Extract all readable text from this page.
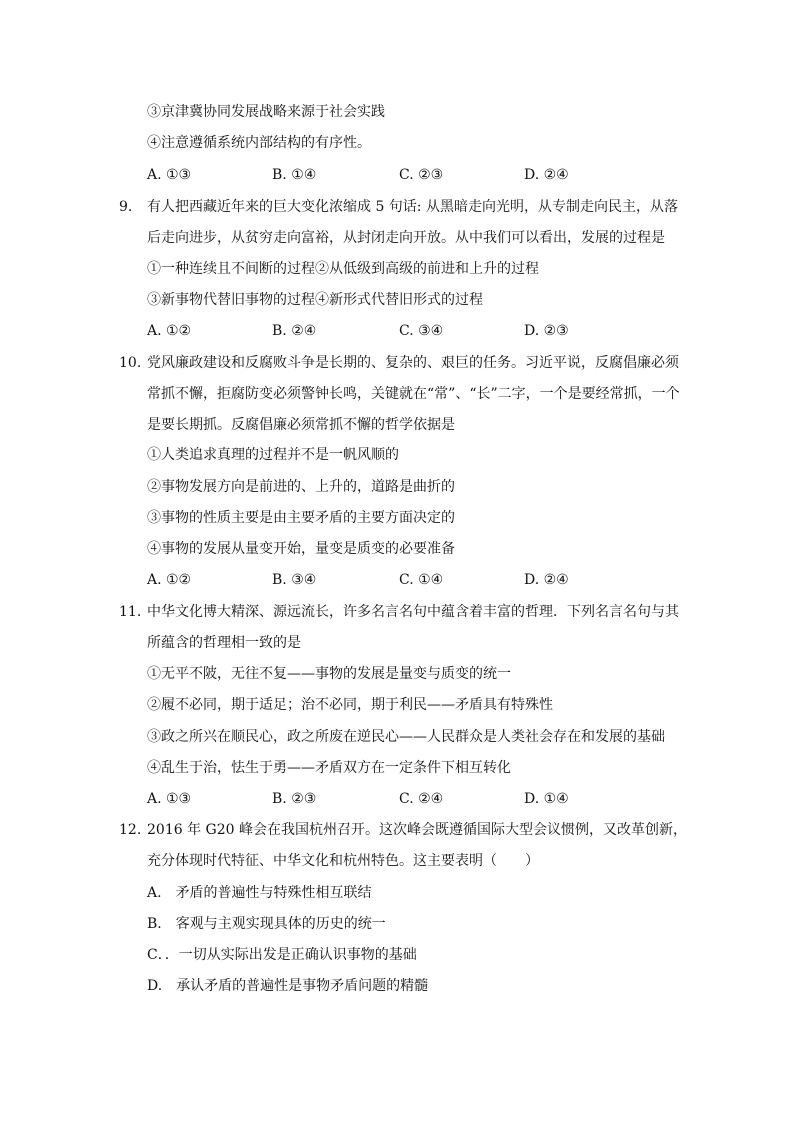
③京津冀协同发展战略来源于社会实践
④注意遵循系统内部结构的有序性。
A. ①③	B. ①④	C. ②③	D. ②④
9. 有人把西藏近年来的巨大变化浓缩成 5 句话: 从黑暗走向光明，从专制走向民主，从落
后走向进步，从贫穷走向富裕，从封闭走向开放。从中我们可以看出，发展的过程是
①一种连续且不间断的过程②从低级到高级的前进和上升的过程
③新事物代替旧事物的过程④新形式代替旧形式的过程
A. ①②	B. ②④	C. ③④	D. ②③
10. 党风廉政建设和反腐败斗争是长期的、复杂的、艰巨的任务。习近平说，反腐倡廉必须
常抓不懈，拒腐防变必须警钟长鸣，关键就在“常”、“长”二字，一个是要经常抓，一个
是要长期抓。反腐倡廉必须常抓不懈的哲学依据是
①人类追求真理的过程并不是一帆风顺的
②事物发展方向是前进的、上升的，道路是曲折的
③事物的性质主要是由主要矛盾的主要方面决定的
④事物的发展从量变开始，量变是质变的必要准备
A. ①②	B. ③④	C. ①④	D. ②④
11. 中华文化博大精深、源远流长，许多名言名句中蕴含着丰富的哲理．下列名言名句与其
所蕴含的哲理相一致的是
①无平不陂，无往不复——事物的发展是量变与质变的统一
②履不必同，期于适足；治不必同，期于利民——矛盾具有特殊性
③政之所兴在顺民心，政之所废在逆民心——人民群众是人类社会存在和发展的基础
④乱生于治，怯生于勇——矛盾双方在一定条件下相互转化
A. ①③	B. ②③	C. ②④	D. ①④
12. 2016 年 G20 峰会在我国杭州召开。这次峰会既遵循国际大型会议惯例，又改革创新，
充分体现时代特征、中华文化和杭州特色。这主要表明（　　）
A.　矛盾的普遍性与特殊性相互联结
B.　客观与主观实现具体的历史的统一
C．．一切从实际出发是正确认识事物的基础
D.　承认矛盾的普遍性是事物矛盾问题的精髓
